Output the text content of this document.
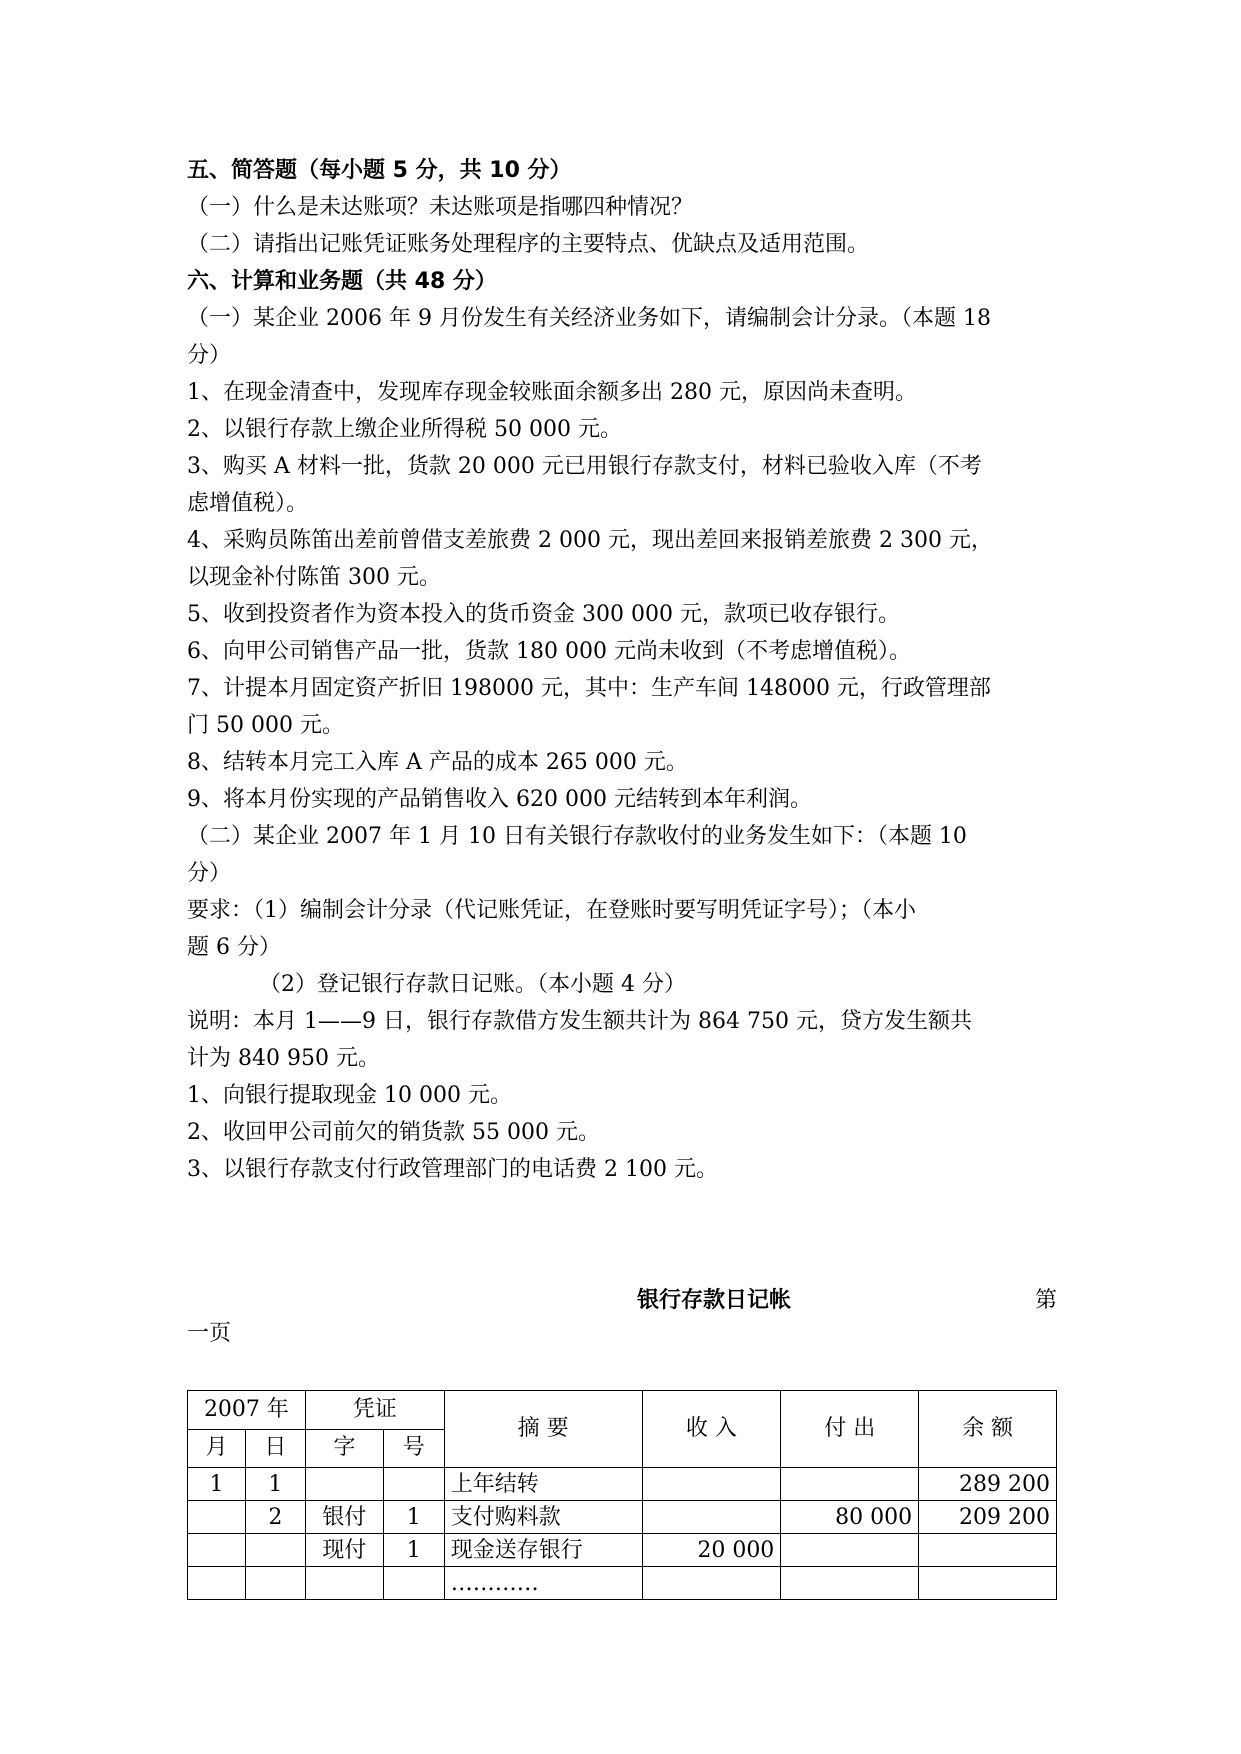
五、简答题（每小题 5 分，共 10 分）
（一）什么是未达账项？未达账项是指哪四种情况？
（二）请指出记账凭证账务处理程序的主要特点、优缺点及适用范围。
六、计算和业务题（共 48 分）
（一）某企业 2006 年 9 月份发生有关经济业务如下，请编制会计分录。（本题 18
分）
1、在现金清查中，发现库存现金较账面余额多出 280 元，原因尚未查明。
2、以银行存款上缴企业所得税 50 000 元。
3、购买 A 材料一批，货款 20 000 元已用银行存款支付，材料已验收入库（不考
虑增值税）。
4、采购员陈笛出差前曾借支差旅费 2 000 元，现出差回来报销差旅费 2 300 元，
以现金补付陈笛 300 元。
5、收到投资者作为资本投入的货币资金 300 000 元，款项已收存银行。
6、向甲公司销售产品一批，货款 180 000 元尚未收到（不考虑增值税）。
7、计提本月固定资产折旧 198000 元，其中：生产车间 148000 元，行政管理部
门 50 000 元。
8、结转本月完工入库 A 产品的成本 265 000 元。
9、将本月份实现的产品销售收入 620 000 元结转到本年利润。
（二）某企业 2007 年 1 月 10 日有关银行存款收付的业务发生如下：（本题 10
分）
要求：（1）编制会计分录（代记账凭证，在登账时要写明凭证字号）；（本小
题 6 分）
（2）登记银行存款日记账。（本小题 4 分）
说明：本月 1——9 日，银行存款借方发生额共计为 864 750 元，贷方发生额共
计为 840 950 元。
1、向银行提取现金 10 000 元。
2、收回甲公司前欠的销货款 55 000 元。
3、以银行存款支付行政管理部门的电话费 2 100 元。
银行存款日记帐	第
一页
2007 年		凭证		摘 要	收 入	付 出	余 额
月	日	字	号				
1	1			上年结转			289 200
	2	银付	1	支付购料款		80 000	209 200
		现付	1	现金送存银行	20 000		
				…………			
